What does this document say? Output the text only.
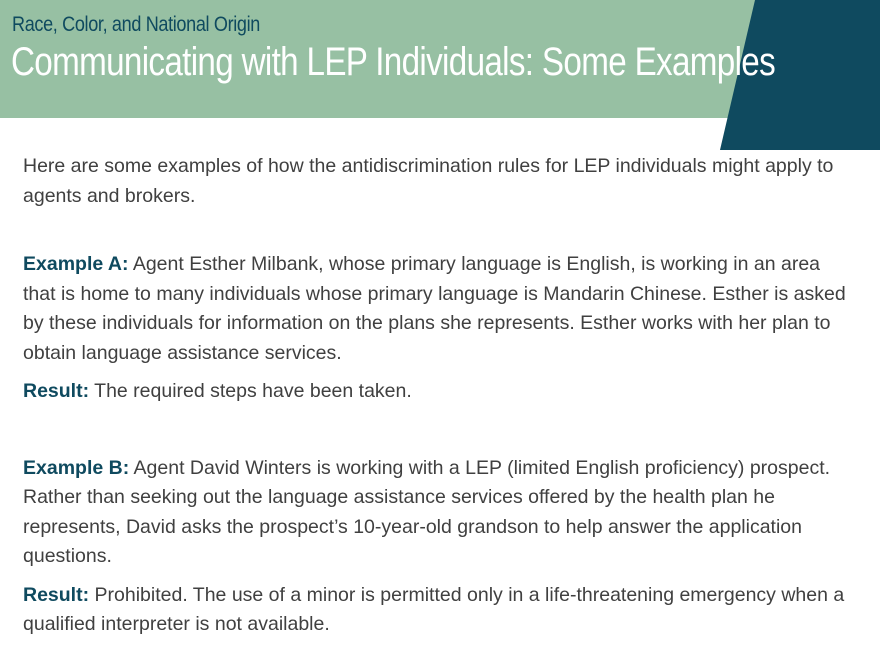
Race, Color, and National Origin
Communicating with LEP Individuals: Some Examples

Here are some examples of how the antidiscrimination rules for LEP individuals might apply to agents and brokers.

Example A: Agent Esther Milbank, whose primary language is English, is working in an area that is home to many individuals whose primary language is Mandarin Chinese. Esther is asked by these individuals for information on the plans she represents. Esther works with her plan to obtain language assistance services.

Result: The required steps have been taken.

Example B: Agent David Winters is working with a LEP (limited English proficiency) prospect. Rather than seeking out the language assistance services offered by the health plan he represents, David asks the prospect’s 10-year-old grandson to help answer the application questions.

Result: Prohibited. The use of a minor is permitted only in a life-threatening emergency when a qualified interpreter is not available.
